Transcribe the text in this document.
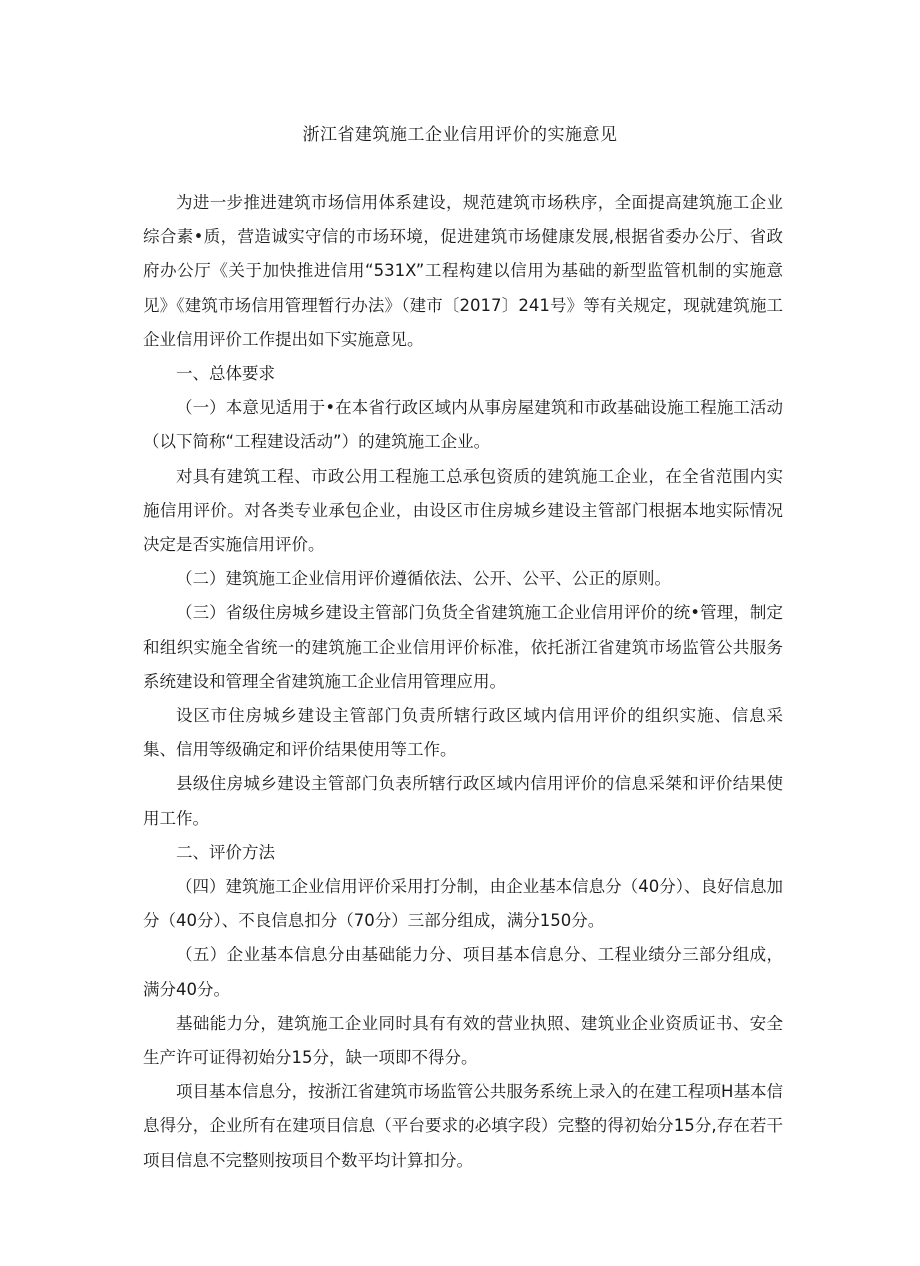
浙江省建筑施工企业信用评价的实施意见

为进一步推进建筑市场信用体系建设，规范建筑市场秩序，全面提高建筑施工企业综合素•质，营造诚实守信的市场环境，促进建筑市场健康发展,根据省委办公厅、省政府办公厅《关于加快推进信用“531X”工程构建以信用为基础的新型监管机制的实施意见》《建筑市场信用管理暂行办法》（建市〔2017〕241号》等有关规定，现就建筑施工企业信用评价工作提出如下实施意见。

一、总体要求

（一）本意见适用于•在本省行政区域内从事房屋建筑和市政基础设施工程施工活动（以下简称“工程建设活动”）的建筑施工企业。

对具有建筑工程、市政公用工程施工总承包资质的建筑施工企业，在全省范围内实施信用评价。对各类专业承包企业，由设区市住房城乡建设主管部门根据本地实际情况决定是否实施信用评价。

（二）建筑施工企业信用评价遵循依法、公开、公平、公正的原则。

（三）省级住房城乡建设主管部门负货全省建筑施工企业信用评价的统•管理，制定和组织实施全省统一的建筑施工企业信用评价标准，依托浙江省建筑市场监管公共服务系统建设和管理全省建筑施工企业信用管理应用。

设区市住房城乡建设主管部门负责所辖行政区域内信用评价的组织实施、信息采集、信用等级确定和评价结果使用等工作。

县级住房城乡建设主管部门负表所辖行政区域内信用评价的信息采桀和评价结果使用工作。

二、评价方法

（四）建筑施工企业信用评价采用打分制，由企业基本信息分（40分）、良好信息加分（40分）、不良信息扣分（70分）三部分组成，满分150分。

（五）企业基本信息分由基础能力分、项目基本信息分、工程业绩分三部分组成，满分40分。

基础能力分，建筑施工企业同时具有有效的营业执照、建筑业企业资质证书、安全生产许可证得初始分15分，缺一项即不得分。

项目基本信息分，按浙江省建筑市场监管公共服务系统上录入的在建工程项H基本信息得分，企业所有在建项目信息（平台要求的必填字段）完整的得初始分15分,存在若干项目信息不完整则按项目个数平均计算扣分。
